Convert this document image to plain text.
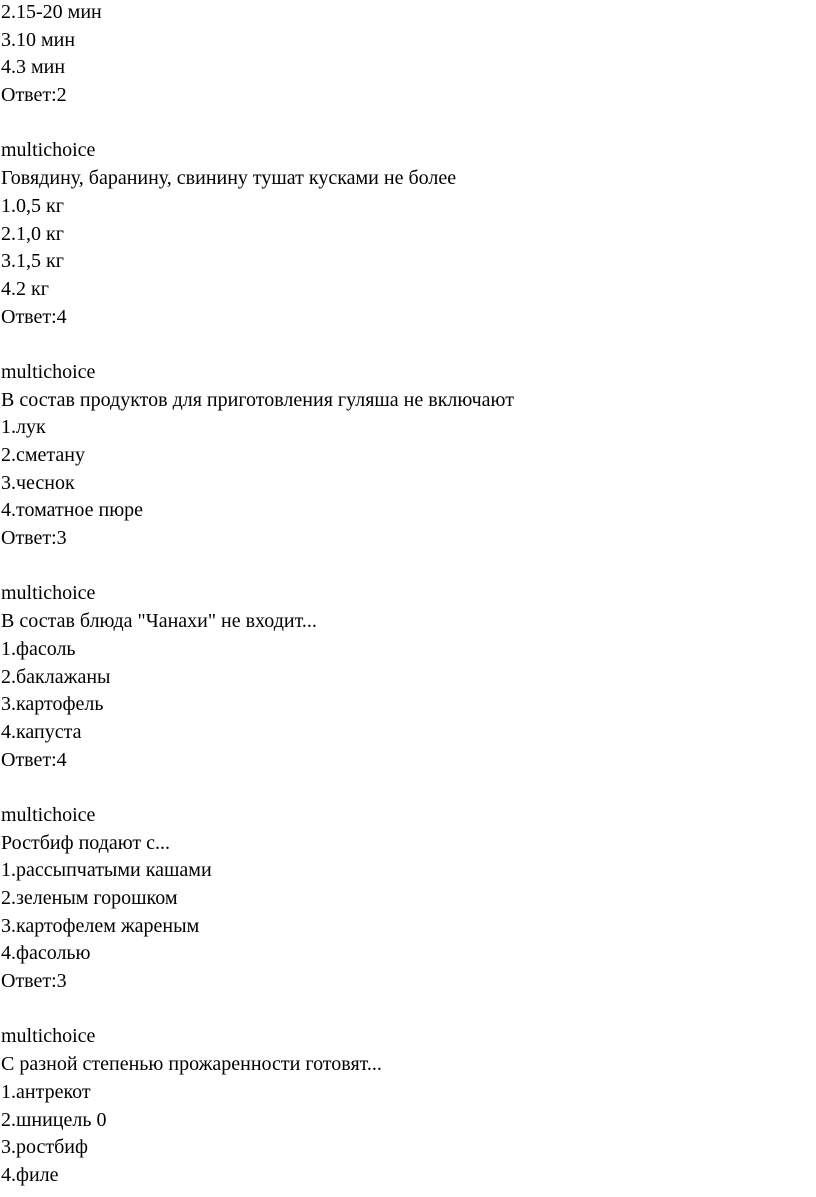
2.15-20 мин
3.10 мин
4.3 мин
Ответ:2
multichoice
Говядину, баранину, свинину тушат кусками не более
1.0,5 кг
2.1,0 кг
3.1,5 кг
4.2 кг
Ответ:4
multichoice
В состав продуктов для приготовления гуляша не включают
1.лук
2.сметану
3.чеснок
4.томатное пюре
Ответ:3
multichoice
В состав блюда "Чанахи" не входит...
1.фасоль
2.баклажаны
3.картофель
4.капуста
Ответ:4
multichoice
Ростбиф подают с...
1.рассыпчатыми кашами
2.зеленым горошком
3.картофелем жареным
4.фасолью
Ответ:3
multichoice
С разной степенью прожаренности готовят...
1.антрекот
2.шницель 0
3.ростбиф
4.филе
